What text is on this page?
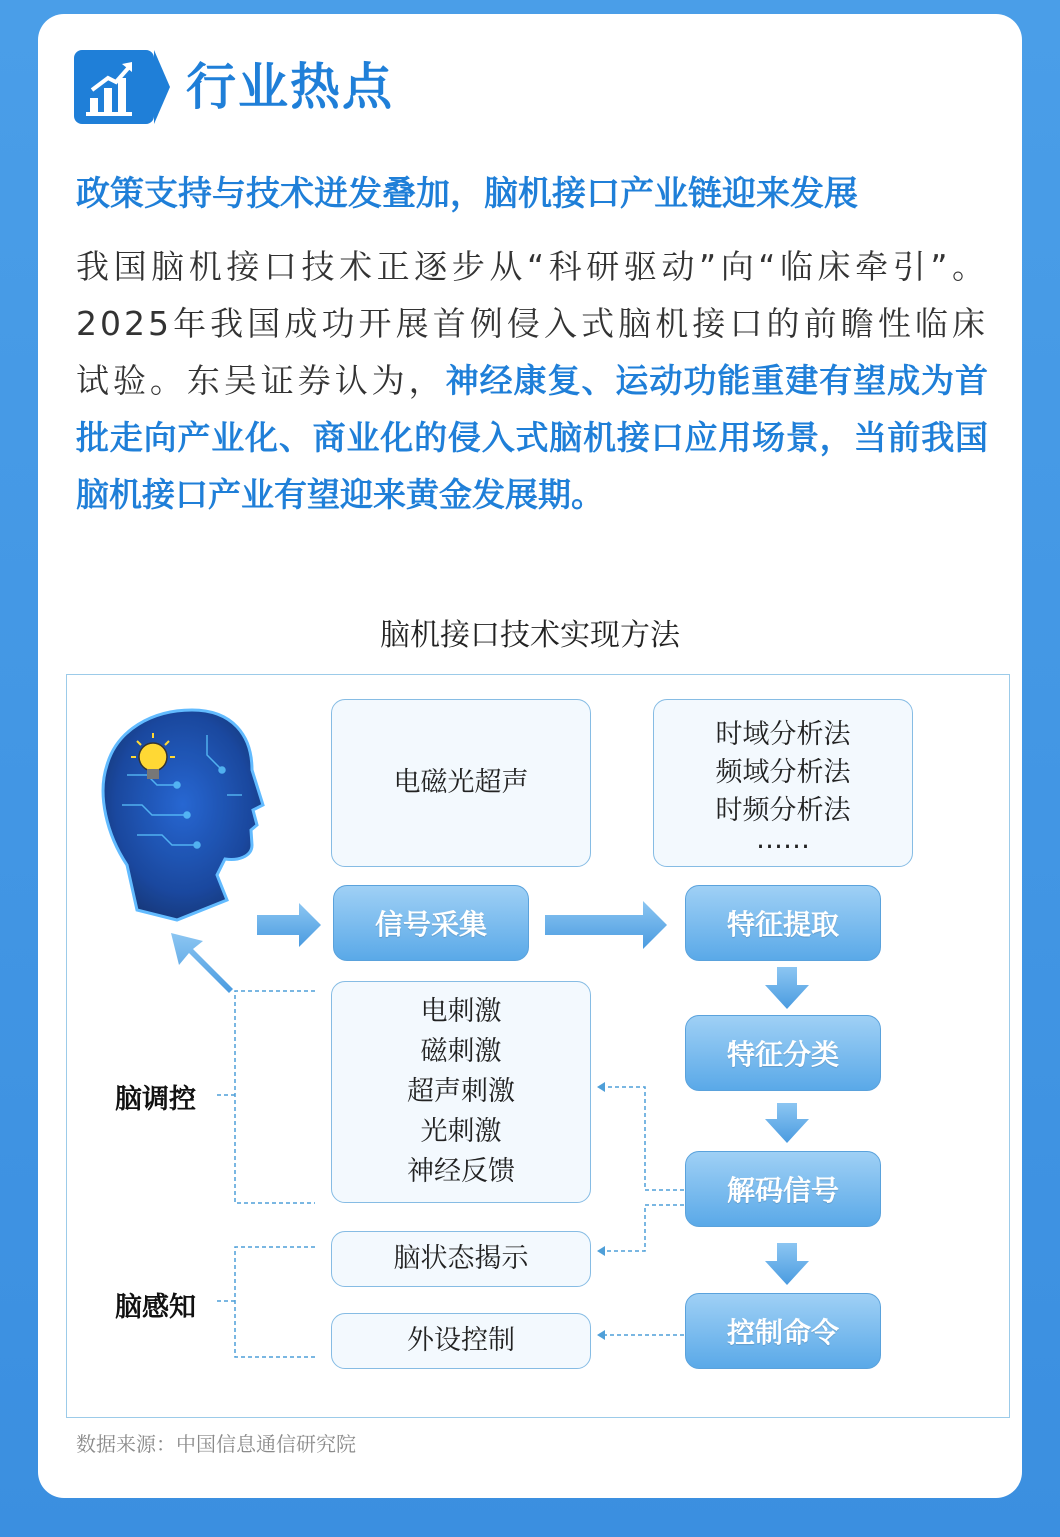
行业热点
政策支持与技术迸发叠加，脑机接口产业链迎来发展
我国脑机接口技术正逐步从“科研驱动”向“临床牵引”。 2025年我国成功开展首例侵入式脑机接口的前瞻性临床试验。东吴证券认为，神经康复、运动功能重建有望成为首批走向产业化、商业化的侵入式脑机接口应用场景，当前我国脑机接口产业有望迎来黄金发展期。
脑机接口技术实现方法
电磁光超声
时域分析法
频域分析法
时频分析法
……
电刺激
磁刺激
超声刺激
光刺激
神经反馈
脑状态揭示
外设控制
信号采集	特征提取
特征分类
解码信号
控制命令
脑调控
脑感知
数据来源：中国信息通信研究院
